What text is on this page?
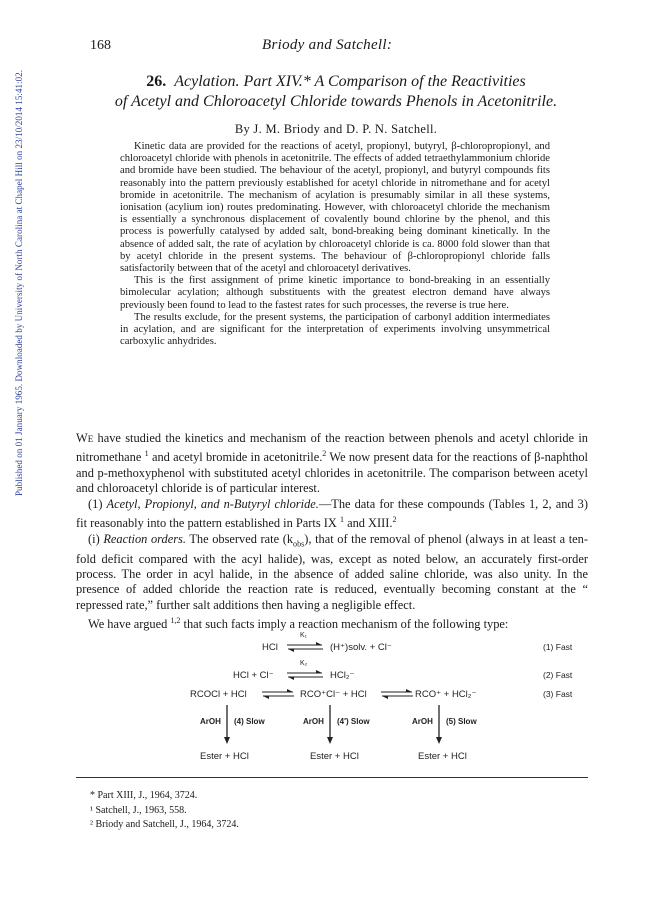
Published on 01 January 1965. Downloaded by University of North Carolina at Chapel Hill on 23/10/2014 15:41:02.
168	Briody and Satchell:
26. Acylation. Part XIV.* A Comparison of the Reactivities
of Acetyl and Chloroacetyl Chloride towards Phenols in Acetonitrile.
By J. M. Briody and D. P. N. Satchell.

Kinetic data are provided for the reactions of acetyl, propionyl, butyryl, β-chloropropionyl, and chloroacetyl chloride with phenols in acetonitrile. The effects of added tetraethylammonium chloride and bromide have been studied. The behaviour of the acetyl, propionyl, and butyryl compounds fits reasonably into the pattern previously established for acetyl chloride in nitromethane and for acetyl bromide in acetonitrile. The mechanism of acylation is presumably similar in all these systems, ionisation (acylium ion) routes predominating. However, with chloroacetyl chloride the mechanism is essentially a synchronous displacement of covalently bound chlorine by the phenol, and this process is powerfully catalysed by added salt, bond-breaking being dominant kinetically. In the absence of added salt, the rate of acylation by chloroacetyl chloride is ca. 8000 fold slower than that by acetyl chloride in the present systems. The behaviour of β-chloropropionyl chloride falls satisfactorily between that of the acetyl and chloroacetyl derivatives.

This is the first assignment of prime kinetic importance to bond-breaking in an essentially bimolecular acylation; although substituents with the greatest electron demand have always previously been found to lead to the fastest rates for such processes, the reverse is true here.

The results exclude, for the present systems, the participation of carbonyl addition intermediates in acylation, and are significant for the interpretation of experiments involving unsymmetrical carboxylic anhydrides.

We have studied the kinetics and mechanism of the reaction between phenols and acetyl chloride in nitromethane $^1$ and acetyl bromide in acetonitrile.$^2$ We now present data for the reactions of β-naphthol and p-methoxyphenol with substituted acetyl chlorides in acetonitrile. The comparison between acetyl and chloroacetyl chloride is of particular interest.

(1) Acetyl, Propionyl, and n-Butyryl chloride.—The data for these compounds (Tables 1, 2, and 3) fit reasonably into the pattern established in Parts IX $^1$ and XIII.$^2$

(i) Reaction orders. The observed rate $(k_{obs})$, that of the removal of phenol (always in at least a ten-fold deficit compared with the acyl halide), was, except as noted below, an accurately first-order process. The order in acyl halide, in the absence of added saline chloride, was also unity. In the presence of added chloride the reaction rate is reduced, eventually becoming constant at the “ repressed rate,” further salt additions then having a negligible effect.

We have argued $^{1,2}$ that such facts imply a reaction mechanism of the following type:

HCl
K₁
(H⁺)solv. + Cl⁻	(1) Fast
HCl + Cl⁻
K₂
HCl₂⁻	(2) Fast
RCOCl + HCl ⇌ RCO⁺Cl⁻ + HCl ⇌ RCO⁺ + HCl₂⁻	(3) Fast
ArOH (4) Slow
Ester + HCl
ArOH (4′) Slow
Ester + HCl
ArOH (5) Slow
Ester + HCl
* Part XIII, J., 1964, 3724.
¹ Satchell, J., 1963, 558.
² Briody and Satchell, J., 1964, 3724.
